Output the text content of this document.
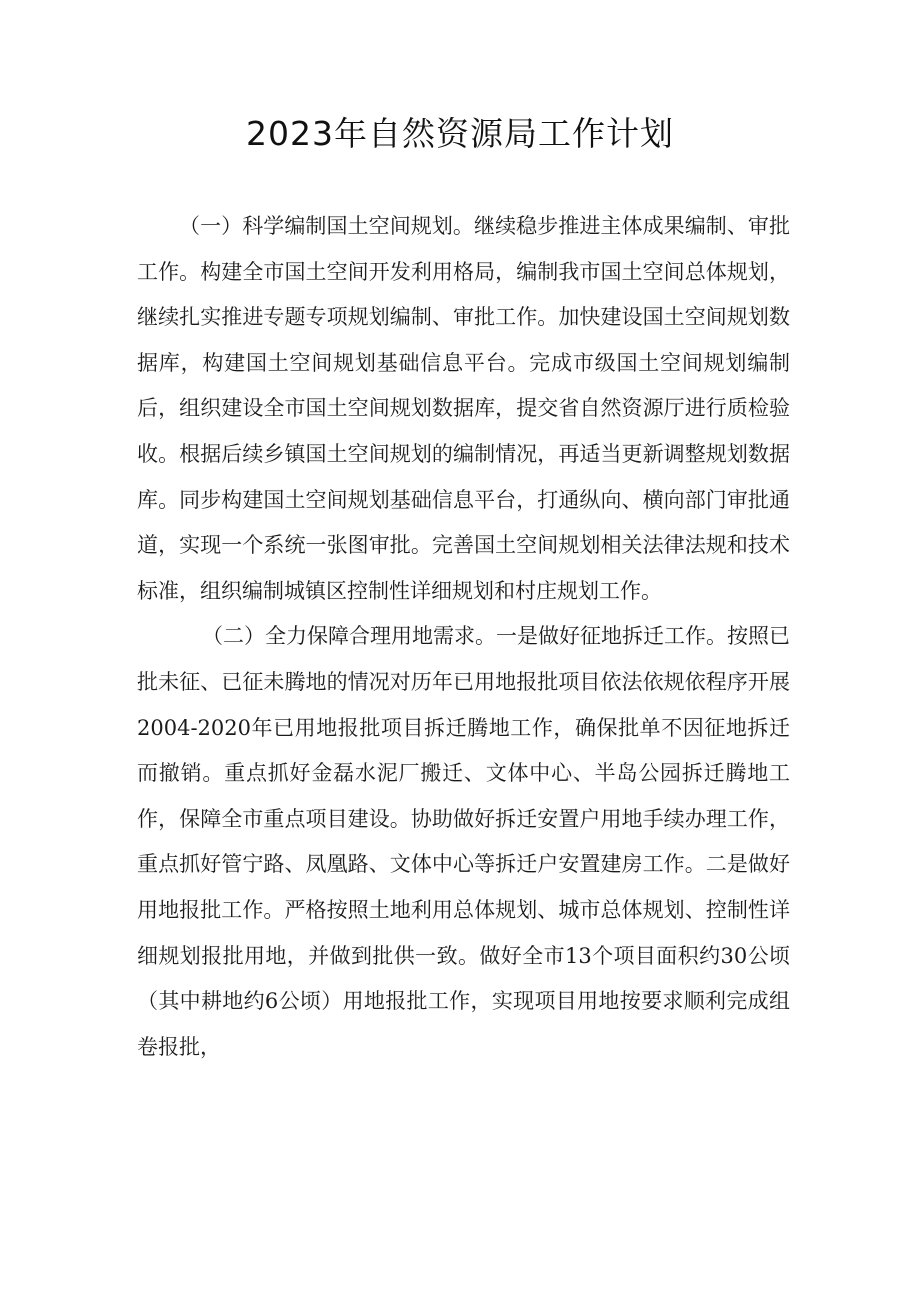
2023年自然资源局工作计划

（一）科学编制国土空间规划。继续稳步推进主体成果编制、审批工作。构建全市国土空间开发利用格局，编制我市国土空间总体规划，继续扎实推进专题专项规划编制、审批工作。加快建设国土空间规划数据库，构建国土空间规划基础信息平台。完成市级国土空间规划编制后，组织建设全市国土空间规划数据库，提交省自然资源厅进行质检验收。根据后续乡镇国土空间规划的编制情况，再适当更新调整规划数据库。同步构建国土空间规划基础信息平台，打通纵向、横向部门审批通道，实现一个系统一张图审批。完善国土空间规划相关法律法规和技术标准，组织编制城镇区控制性详细规划和村庄规划工作。

（二）全力保障合理用地需求。一是做好征地拆迁工作。按照已批未征、已征未腾地的情况对历年已用地报批项目依法依规依程序开展2004-2020年已用地报批项目拆迁腾地工作，确保批单不因征地拆迁而撤销。重点抓好金磊水泥厂搬迁、文体中心、半岛公园拆迁腾地工作，保障全市重点项目建设。协助做好拆迁安置户用地手续办理工作，重点抓好管宁路、凤凰路、文体中心等拆迁户安置建房工作。二是做好用地报批工作。严格按照土地利用总体规划、城市总体规划、控制性详细规划报批用地，并做到批供一致。做好全市13个项目面积约30公顷（其中耕地约6公顷）用地报批工作，实现项目用地按要求顺利完成组卷报批，
